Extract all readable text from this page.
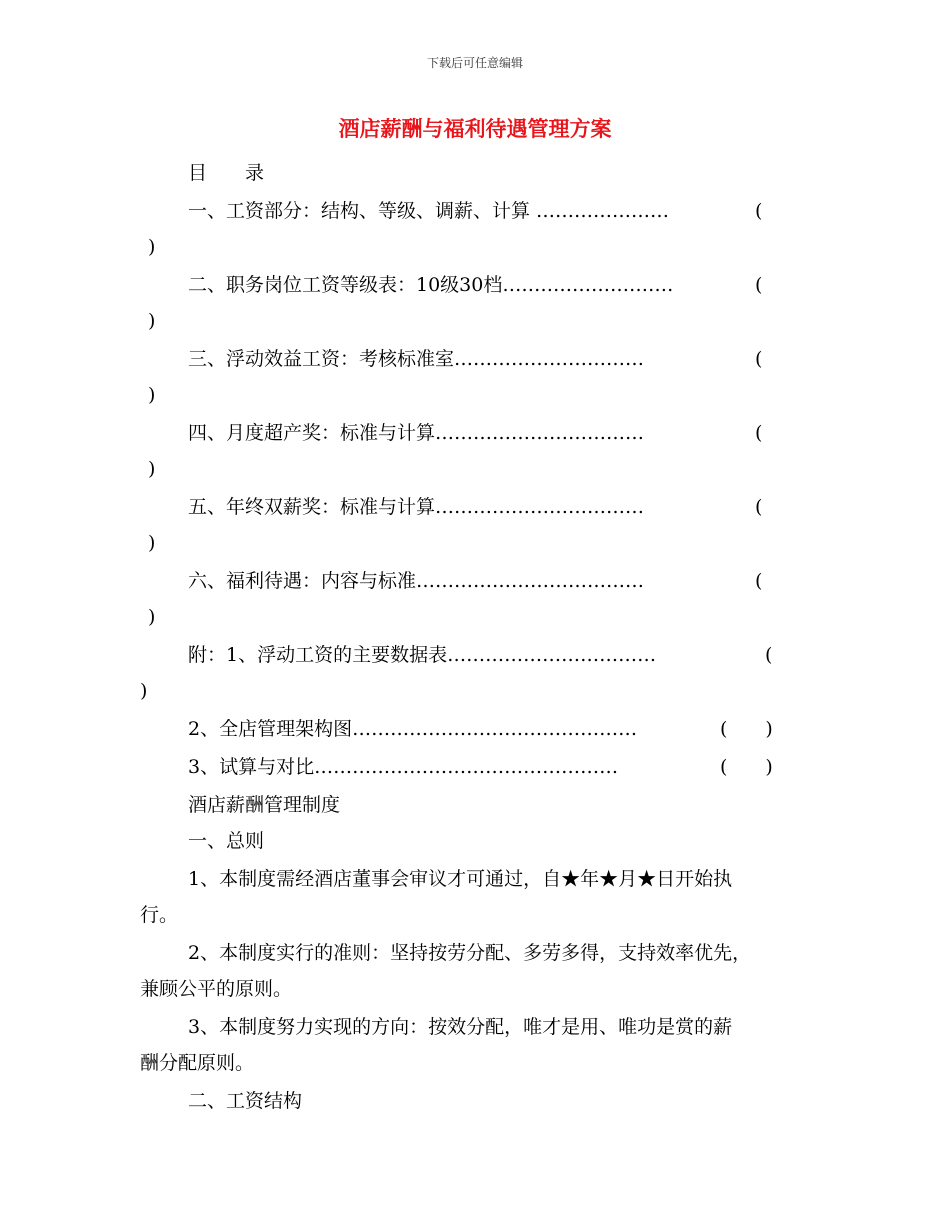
下载后可任意编辑
酒店薪酬与福利待遇管理方案
目　　录
一、工资部分：结构、等级、调薪、计算 …………………	(
)
二、职务岗位工资等级表：10级30档………………………	(
)
三、浮动效益工资：考核标准室…………………………	(
)
四、月度超产奖：标准与计算……………………………	(
)
五、年终双薪奖：标准与计算……………………………	(
)
六、福利待遇：内容与标准………………………………	(
)
附：1、浮动工资的主要数据表……………………………	(
)
2、全店管理架构图………………………………………	(　　)
3、试算与对比…………………………………………	(　　)
酒店薪酬管理制度
一、总则
1、本制度需经酒店董事会审议才可通过，自★年★月★日开始执
行。
2、本制度实行的准则：坚持按劳分配、多劳多得，支持效率优先，
兼顾公平的原则。
3、本制度努力实现的方向：按效分配，唯才是用、唯功是赏的薪
酬分配原则。
二、工资结构
